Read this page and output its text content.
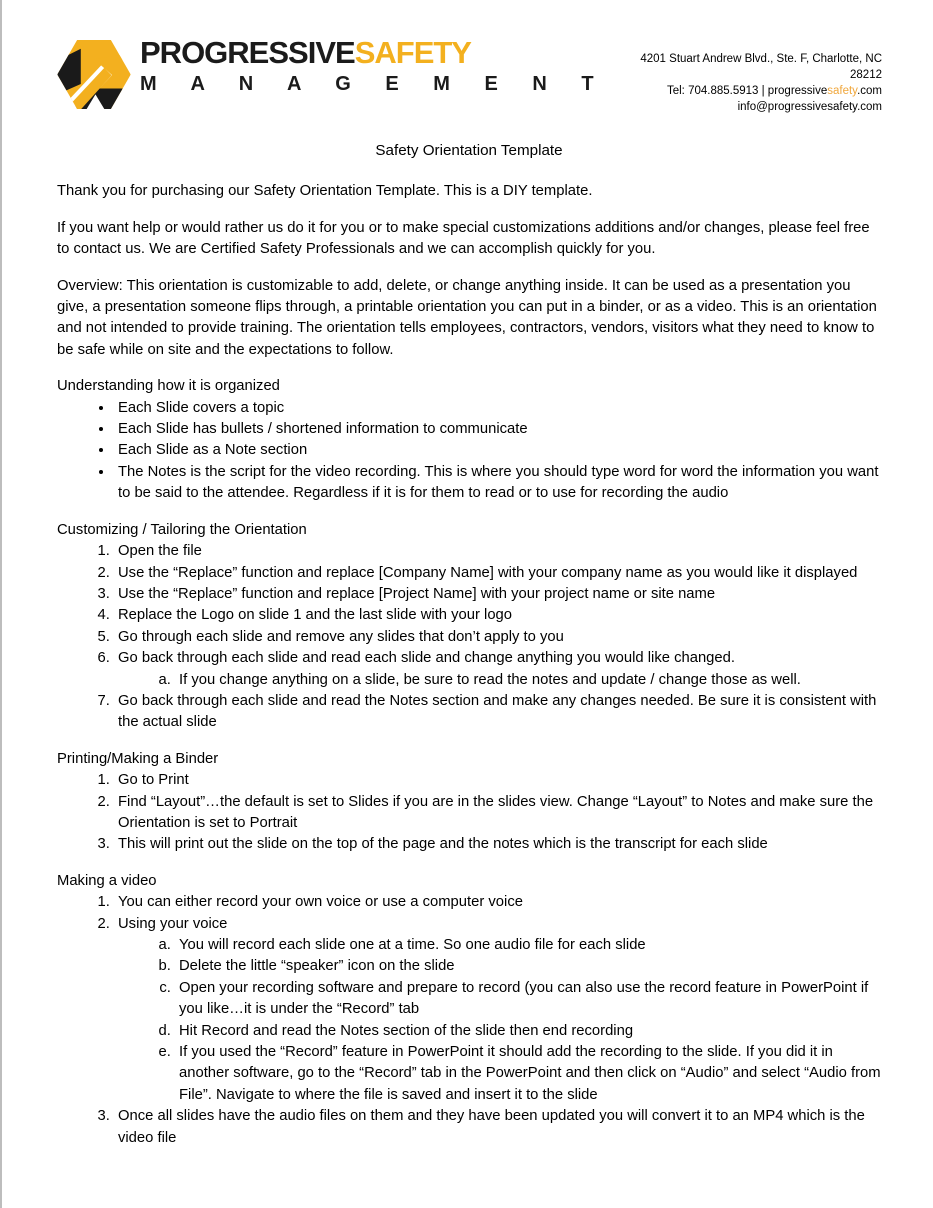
PROGRESSIVESAFETY
M A N A G E M E N T
4201 Stuart Andrew Blvd., Ste. F, Charlotte, NC 28212
Tel: 704.885.5913 | progressivesafety.com
info@progressivesafety.com
Safety Orientation Template

Thank you for purchasing our Safety Orientation Template. This is a DIY template.

If you want help or would rather us do it for you or to make special customizations additions and/or changes, please feel free to contact us. We are Certified Safety Professionals and we can accomplish quickly for you.

Overview: This orientation is customizable to add, delete, or change anything inside. It can be used as a presentation you give, a presentation someone flips through, a printable orientation you can put in a binder, or as a video. This is an orientation and not intended to provide training. The orientation tells employees, contractors, vendors, visitors what they need to know to be safe while on site and the expectations to follow.

Understanding how it is organized

• Each Slide covers a topic
• Each Slide has bullets / shortened information to communicate
• Each Slide as a Note section
• The Notes is the script for the video recording. This is where you should type word for word the information you want to be said to the attendee. Regardless if it is for them to read or to use for recording the audio

Customizing / Tailoring the Orientation

1. Open the file
2. Use the “Replace” function and replace [Company Name] with your company name as you would like it displayed
3. Use the “Replace” function and replace [Project Name] with your project name or site name
4. Replace the Logo on slide 1 and the last slide with your logo
5. Go through each slide and remove any slides that don’t apply to you
6. Go back through each slide and read each slide and change anything you would like changed.
a. If you change anything on a slide, be sure to read the notes and update / change those as well.
7. Go back through each slide and read the Notes section and make any changes needed. Be sure it is consistent with the actual slide

Printing/Making a Binder

1. Go to Print
2. Find “Layout”…the default is set to Slides if you are in the slides view. Change “Layout” to Notes and make sure the Orientation is set to Portrait
3. This will print out the slide on the top of the page and the notes which is the transcript for each slide

Making a video

1. You can either record your own voice or use a computer voice
2. Using your voice
a. You will record each slide one at a time. So one audio file for each slide
b. Delete the little “speaker” icon on the slide
c. Open your recording software and prepare to record (you can also use the record feature in PowerPoint if you like…it is under the “Record” tab
d. Hit Record and read the Notes section of the slide then end recording
e. If you used the “Record” feature in PowerPoint it should add the recording to the slide. If you did it in another software, go to the “Record” tab in the PowerPoint and then click on “Audio” and select “Audio from File”. Navigate to where the file is saved and insert it to the slide
3. Once all slides have the audio files on them and they have been updated you will convert it to an MP4 which is the video file
